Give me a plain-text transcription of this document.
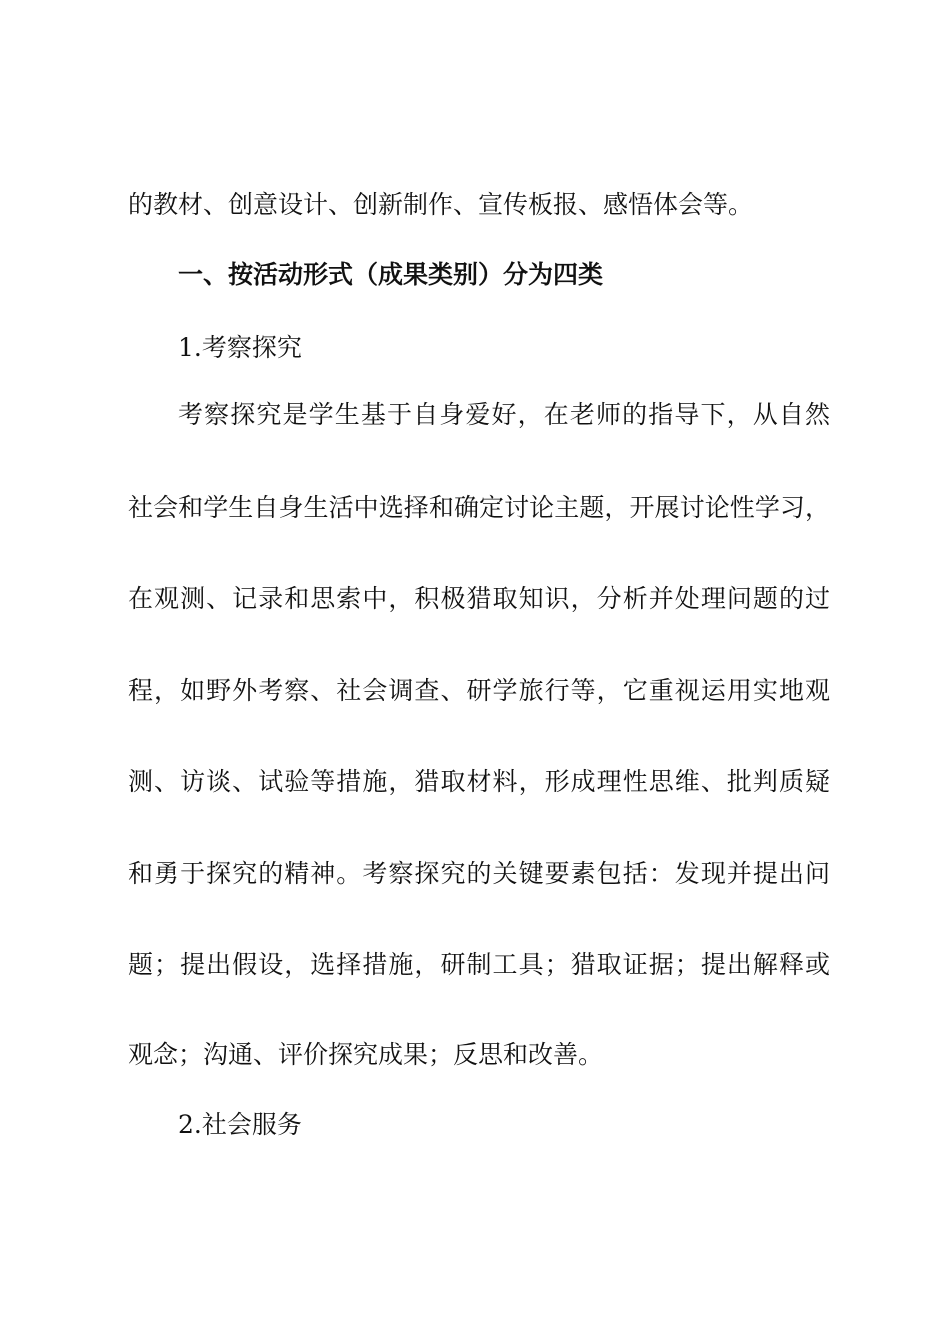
的教材、创意设计、创新制作、宣传板报、感悟体会等。

一、按活动形式（成果类别）分为四类

1.考察探究

考察探究是学生基于自身爱好，在老师的指导下，从自然

社会和学生自身生活中选择和确定讨论主题，开展讨论性学习，

在观测、记录和思索中，积极猎取知识，分析并处理问题的过

程，如野外考察、社会调查、研学旅行等，它重视运用实地观

测、访谈、试验等措施，猎取材料，形成理性思维、批判质疑

和勇于探究的精神。考察探究的关键要素包括：发现并提出问

题；提出假设，选择措施，研制工具；猎取证据；提出解释或

观念；沟通、评价探究成果；反思和改善。

2.社会服务
